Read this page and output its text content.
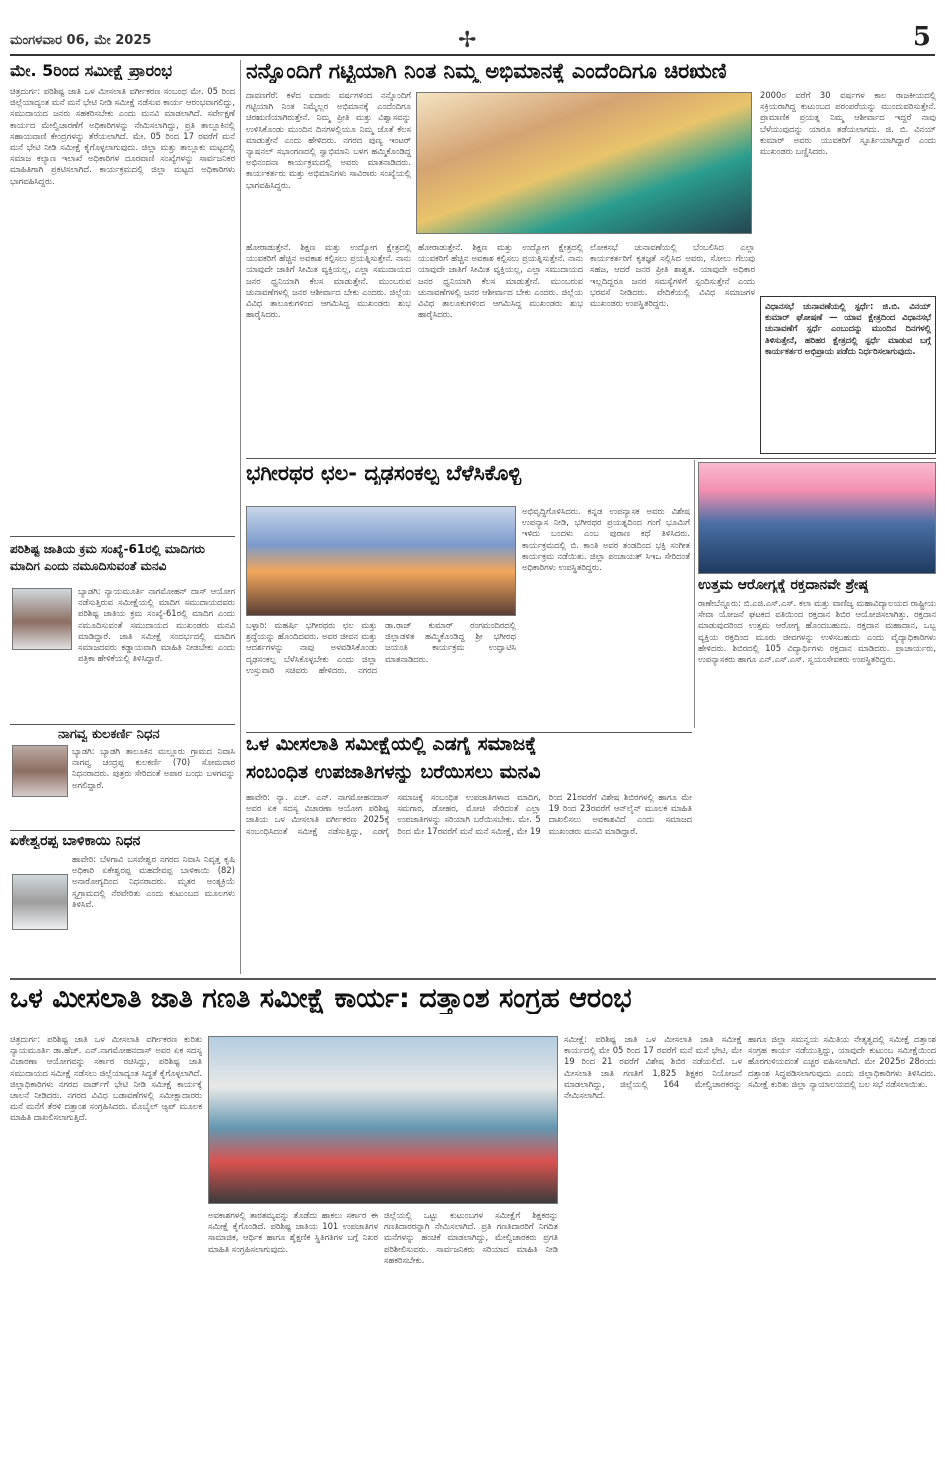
ಮಂಗಳವಾರ 06, ಮೇ 2025	✢	5
ಮೇ. 5ರಿಂದ ಸಮೀಕ್ಷೆ ಪ್ರಾರಂಭ
ಚಿತ್ರದುರ್ಗ: ಪರಿಶಿಷ್ಟ ಜಾತಿ ಒಳ ಮೀಸಲಾತಿ ವರ್ಗೀಕರಣ ಸಂಬಂಧ ಮೇ. 05 ರಿಂದ ಜಿಲ್ಲೆಯಾದ್ಯಂತ ಮನೆ ಮನೆ ಭೇಟಿ ನೀಡಿ ಸಮೀಕ್ಷೆ ನಡೆಸುವ ಕಾರ್ಯ ಆರಂಭವಾಗಲಿದ್ದು, ಸಮುದಾಯದ ಜನರು ಸಹಕರಿಸಬೇಕು ಎಂದು ಮನವಿ ಮಾಡಲಾಗಿದೆ. ಸರ್ವೇಕ್ಷಣೆ ಕಾರ್ಯದ ಮೇಲ್ವಿಚಾರಣೆಗೆ ಅಧಿಕಾರಿಗಳನ್ನು ನೇಮಿಸಲಾಗಿದ್ದು, ಪ್ರತಿ ತಾಲ್ಲೂಕಿನಲ್ಲಿ ಸಹಾಯವಾಣಿ ಕೇಂದ್ರಗಳನ್ನು ತೆರೆಯಲಾಗಿದೆ. ಮೇ. 05 ರಿಂದ 17 ರವರೆಗೆ ಮನೆ ಮನೆ ಭೇಟಿ ನೀಡಿ ಸಮೀಕ್ಷೆ ಕೈಗೊಳ್ಳಲಾಗುವುದು. ಜಿಲ್ಲಾ ಮತ್ತು ತಾಲ್ಲೂಕು ಮಟ್ಟದಲ್ಲಿ ಸಮಾಜ ಕಲ್ಯಾಣ ಇಲಾಖೆ ಅಧಿಕಾರಿಗಳ ದೂರವಾಣಿ ಸಂಖ್ಯೆಗಳನ್ನು ಸಾರ್ವಜನಿಕರ ಮಾಹಿತಿಗಾಗಿ ಪ್ರಕಟಿಸಲಾಗಿದೆ. ಕಾರ್ಯಕ್ರಮದಲ್ಲಿ ಜಿಲ್ಲಾ ಮಟ್ಟದ ಅಧಿಕಾರಿಗಳು ಭಾಗವಹಿಸಿದ್ದರು.
ಪರಿಶಿಷ್ಟ ಜಾತಿಯ ಕ್ರಮ ಸಂಖ್ಯೆ-61ರಲ್ಲಿ ಮಾದಿಗರು ಮಾದಿಗ ಎಂದು ನಮೂದಿಸುವಂತೆ ಮನವಿ
ಬ್ಯಾಡಗಿ: ನ್ಯಾಯಮೂರ್ತಿ ನಾಗಮೋಹನ್ ದಾಸ್ ಆಯೋಗ ನಡೆಸುತ್ತಿರುವ ಸಮೀಕ್ಷೆಯಲ್ಲಿ ಮಾದಿಗ ಸಮುದಾಯದವರು ಪರಿಶಿಷ್ಟ ಜಾತಿಯ ಕ್ರಮ ಸಂಖ್ಯೆ-61ರಲ್ಲಿ ಮಾದಿಗ ಎಂದು ನಮೂದಿಸುವಂತೆ ಸಮುದಾಯದ ಮುಖಂಡರು ಮನವಿ ಮಾಡಿದ್ದಾರೆ. ಜಾತಿ ಸಮೀಕ್ಷೆ ಸಂದರ್ಭದಲ್ಲಿ ಮಾದಿಗ ಸಮಾಜದವರು ಕಡ್ಡಾಯವಾಗಿ ಮಾಹಿತಿ ನೀಡಬೇಕು ಎಂದು ಪತ್ರಿಕಾ ಹೇಳಿಕೆಯಲ್ಲಿ ತಿಳಿಸಿದ್ದಾರೆ.
ನಾಗವ್ವ ಕುಲಕರ್ಣಿ ನಿಧನ
ಬ್ಯಾಡಗಿ: ಬ್ಯಾಡಗಿ ತಾಲೂಕಿನ ಮಲ್ಲೂರು ಗ್ರಾಮದ ನಿವಾಸಿ ನಾಗವ್ವ ಚಂದ್ರಪ್ಪ ಕುಲಕರ್ಣಿ (70) ಸೋಮವಾರ ನಿಧನರಾದರು. ಪುತ್ರರು ಸೇರಿದಂತೆ ಅಪಾರ ಬಂಧು ಬಳಗವನ್ನು ಅಗಲಿದ್ದಾರೆ.
ಏಕೇಶ್ವರಪ್ಪ ಬಾಳಿಕಾಯಿ ನಿಧನ
ಹಾವೇರಿ: ಬೆಳಗಾವಿ ಬಸವೇಶ್ವರ ನಗರದ ನಿವಾಸಿ ನಿವೃತ್ತ ಕೃಷಿ ಅಧಿಕಾರಿ ಏಕೇಶ್ವರಪ್ಪ ಮಹದೇವಪ್ಪ ಬಾಳಿಕಾಯಿ (82) ಅನಾರೋಗ್ಯದಿಂದ ನಿಧನರಾದರು. ಮೃತರ ಅಂತ್ಯಕ್ರಿಯೆ ಸ್ವಗ್ರಾಮದಲ್ಲಿ ನೆರವೇರಿತು ಎಂದು ಕುಟುಂಬದ ಮೂಲಗಳು ತಿಳಿಸಿವೆ.
ನನ್ನೊಂದಿಗೆ ಗಟ್ಟಿಯಾಗಿ ನಿಂತ ನಿಮ್ಮ ಅಭಿಮಾನಕ್ಕೆ ಎಂದೆಂದಿಗೂ ಚಿರಋಣಿ
ದಾವಣಗೆರೆ: ಕಳೆದ ಐದಾರು ವರ್ಷಗಳಿಂದ ನನ್ನೊಂದಿಗೆ ಗಟ್ಟಿಯಾಗಿ ನಿಂತ ನಿಮ್ಮೆಲ್ಲರ ಅಭಿಮಾನಕ್ಕೆ ಎಂದೆಂದಿಗೂ ಚಿರಋಣಿಯಾಗಿರುತ್ತೇನೆ. ನಿಮ್ಮ ಪ್ರೀತಿ ಮತ್ತು ವಿಶ್ವಾಸವನ್ನು ಉಳಿಸಿಕೊಂಡು ಮುಂದಿನ ದಿನಗಳಲ್ಲಿಯೂ ನಿಮ್ಮ ಜೊತೆ ಕೆಲಸ ಮಾಡುತ್ತೇನೆ ಎಂದು ಹೇಳಿದರು. ನಗರದ ಪುಣ್ಯ ಇಂಟರ್ ನ್ಯಾಷನಲ್ ಸಭಾಂಗಣದಲ್ಲಿ ಸ್ವಾಭಿಮಾನಿ ಬಳಗ ಹಮ್ಮಿಕೊಂಡಿದ್ದ ಅಭಿನಂದನಾ ಕಾರ್ಯಕ್ರಮದಲ್ಲಿ ಅವರು ಮಾತನಾಡಿದರು. ಕಾರ್ಯಕರ್ತರು ಮತ್ತು ಅಭಿಮಾನಿಗಳು ಸಾವಿರಾರು ಸಂಖ್ಯೆಯಲ್ಲಿ ಭಾಗವಹಿಸಿದ್ದರು.
ಹೋರಾಡುತ್ತೇನೆ. ಶಿಕ್ಷಣ ಮತ್ತು ಉದ್ಯೋಗ ಕ್ಷೇತ್ರದಲ್ಲಿ ಯುವಕರಿಗೆ ಹೆಚ್ಚಿನ ಅವಕಾಶ ಕಲ್ಪಿಸಲು ಪ್ರಯತ್ನಿಸುತ್ತೇನೆ. ನಾನು ಯಾವುದೇ ಜಾತಿಗೆ ಸೀಮಿತ ವ್ಯಕ್ತಿಯಲ್ಲ, ಎಲ್ಲಾ ಸಮುದಾಯದ ಜನರ ಧ್ವನಿಯಾಗಿ ಕೆಲಸ ಮಾಡುತ್ತೇನೆ. ಮುಂಬರುವ ಚುನಾವಣೆಗಳಲ್ಲಿ ಜನರ ಆಶೀರ್ವಾದ ಬೇಕು ಎಂದರು. ಜಿಲ್ಲೆಯ ವಿವಿಧ ತಾಲೂಕುಗಳಿಂದ ಆಗಮಿಸಿದ್ದ ಮುಖಂಡರು ಶುಭ ಹಾರೈಸಿದರು.
ಹೋರಾಡುತ್ತೇನೆ. ಶಿಕ್ಷಣ ಮತ್ತು ಉದ್ಯೋಗ ಕ್ಷೇತ್ರದಲ್ಲಿ ಯುವಕರಿಗೆ ಹೆಚ್ಚಿನ ಅವಕಾಶ ಕಲ್ಪಿಸಲು ಪ್ರಯತ್ನಿಸುತ್ತೇನೆ. ನಾನು ಯಾವುದೇ ಜಾತಿಗೆ ಸೀಮಿತ ವ್ಯಕ್ತಿಯಲ್ಲ, ಎಲ್ಲಾ ಸಮುದಾಯದ ಜನರ ಧ್ವನಿಯಾಗಿ ಕೆಲಸ ಮಾಡುತ್ತೇನೆ. ಮುಂಬರುವ ಚುನಾವಣೆಗಳಲ್ಲಿ ಜನರ ಆಶೀರ್ವಾದ ಬೇಕು ಎಂದರು. ಜಿಲ್ಲೆಯ ವಿವಿಧ ತಾಲೂಕುಗಳಿಂದ ಆಗಮಿಸಿದ್ದ ಮುಖಂಡರು ಶುಭ ಹಾರೈಸಿದರು.
ಲೋಕಸಭೆ ಚುನಾವಣೆಯಲ್ಲಿ ಬೆಂಬಲಿಸಿದ ಎಲ್ಲಾ ಕಾರ್ಯಕರ್ತರಿಗೆ ಕೃತಜ್ಞತೆ ಸಲ್ಲಿಸಿದ ಅವರು, ಸೋಲು ಗೆಲುವು ಸಹಜ, ಆದರೆ ಜನರ ಪ್ರೀತಿ ಶಾಶ್ವತ. ಯಾವುದೇ ಅಧಿಕಾರ ಇಲ್ಲದಿದ್ದರೂ ಜನರ ಸಮಸ್ಯೆಗಳಿಗೆ ಸ್ಪಂದಿಸುತ್ತೇನೆ ಎಂದು ಭರವಸೆ ನೀಡಿದರು. ವೇದಿಕೆಯಲ್ಲಿ ವಿವಿಧ ಸಮಾಜಗಳ ಮುಖಂಡರು ಉಪಸ್ಥಿತರಿದ್ದರು.
2000ರ ವರೆಗೆ 30 ವರ್ಷಗಳ ಕಾಲ ರಾಜಕೀಯದಲ್ಲಿ ಸಕ್ರಿಯರಾಗಿದ್ದ ಕುಟುಂಬದ ಪರಂಪರೆಯನ್ನು ಮುಂದುವರಿಸುತ್ತೇನೆ. ಪ್ರಾಮಾಣಿಕ ಪ್ರಯತ್ನ ನಿಮ್ಮ ಆಶೀರ್ವಾದ ಇದ್ದರೆ ನಾವು ಬೆಳೆಯುವುದನ್ನು ಯಾರೂ ತಡೆಯಲಾಗದು. ಜಿ. ಬಿ. ವಿನಯ್ ಕುಮಾರ್ ಅವರು ಯುವಕರಿಗೆ ಸ್ಫೂರ್ತಿಯಾಗಿದ್ದಾರೆ ಎಂದು ಮುಖಂಡರು ಬಣ್ಣಿಸಿದರು.
ವಿಧಾನಸಭೆ ಚುನಾವಣೆಯಲ್ಲಿ ಸ್ಪರ್ಧೆ: ಜಿ.ಬಿ. ವಿನಯ್ ಕುಮಾರ್ ಘೋಷಣೆ — ಯಾವ ಕ್ಷೇತ್ರದಿಂದ ವಿಧಾನಸಭೆ ಚುನಾವಣೆಗೆ ಸ್ಪರ್ಧೆ ಎಂಬುದನ್ನು ಮುಂದಿನ ದಿನಗಳಲ್ಲಿ ತಿಳಿಸುತ್ತೇನೆ, ಹರಿಹರ ಕ್ಷೇತ್ರದಲ್ಲಿ ಸ್ಪರ್ಧೆ ಮಾಡುವ ಬಗ್ಗೆ ಕಾರ್ಯಕರ್ತರ ಅಭಿಪ್ರಾಯ ಪಡೆದು ನಿರ್ಧರಿಸಲಾಗುವುದು.
ಭಗೀರಥರ ಛಲ- ದೃಢಸಂಕಲ್ಪ ಬೆಳೆಸಿಕೊಳ್ಳಿ
ಬಳ್ಳಾರಿ: ಮಹರ್ಷಿ ಭಗೀರಥರು ಛಲ ಮತ್ತು ಶ್ರದ್ಧೆಯನ್ನು ಹೊಂದಿದವರು. ಅವರ ಜೀವನ ಮತ್ತು ಆದರ್ಶಗಳನ್ನು ನಾವು ಅಳವಡಿಸಿಕೊಂಡು ದೃಢಸಂಕಲ್ಪ ಬೆಳೆಸಿಕೊಳ್ಳಬೇಕು ಎಂದು ಜಿಲ್ಲಾ ಉಸ್ತುವಾರಿ ಸಚಿವರು ಹೇಳಿದರು. ನಗರದ ಡಾ.ರಾಜ್ ಕುಮಾರ್ ರಂಗಮಂದಿರದಲ್ಲಿ ಜಿಲ್ಲಾಡಳಿತ ಹಮ್ಮಿಕೊಂಡಿದ್ದ ಶ್ರೀ ಭಗೀರಥ ಜಯಂತಿ ಕಾರ್ಯಕ್ರಮ ಉದ್ಘಾಟಿಸಿ ಮಾತನಾಡಿದರು.
ಅಭಿವೃದ್ಧಿಗೊಳಿಸಿದರು. ಕನ್ನಡ ಉಪನ್ಯಾಸಕ ಅವರು ವಿಶೇಷ ಉಪನ್ಯಾಸ ನೀಡಿ, ಭಗೀರಥರ ಪ್ರಯತ್ನದಿಂದ ಗಂಗೆ ಭೂಮಿಗೆ ಇಳಿದು ಬಂದಳು ಎಂಬ ಪುರಾಣ ಕಥೆ ತಿಳಿಸಿದರು. ಕಾರ್ಯಕ್ರಮದಲ್ಲಿ ಬಿ. ಕಾಂತಿ ಅವರ ತಂಡದಿಂದ ಭಕ್ತಿ ಸಂಗೀತ ಕಾರ್ಯಕ್ರಮ ನಡೆಯಿತು. ಜಿಲ್ಲಾ ಪಂಚಾಯತ್ ಸಿಇಒ ಸೇರಿದಂತೆ ಅಧಿಕಾರಿಗಳು ಉಪಸ್ಥಿತರಿದ್ದರು.
ಉತ್ತಮ ಆರೋಗ್ಯಕ್ಕೆ ರಕ್ತದಾನವೇ ಶ್ರೇಷ್ಠ
ರಾಣೇಬೆನ್ನೂರು: ಬಿ.ಎಜಿ.ಎಸ್.ಎಸ್. ಕಲಾ ಮತ್ತು ವಾಣಿಜ್ಯ ಮಹಾವಿದ್ಯಾಲಯದ ರಾಷ್ಟ್ರೀಯ ಸೇವಾ ಯೋಜನೆ ಘಟಕದ ವತಿಯಿಂದ ರಕ್ತದಾನ ಶಿಬಿರ ಆಯೋಜಿಸಲಾಗಿತ್ತು. ರಕ್ತದಾನ ಮಾಡುವುದರಿಂದ ಉತ್ತಮ ಆರೋಗ್ಯ ಹೊಂದಬಹುದು. ರಕ್ತದಾನ ಮಹಾದಾನ, ಒಬ್ಬ ವ್ಯಕ್ತಿಯ ರಕ್ತದಿಂದ ಮೂರು ಜೀವಗಳನ್ನು ಉಳಿಸಬಹುದು ಎಂದು ವೈದ್ಯಾಧಿಕಾರಿಗಳು ಹೇಳಿದರು. ಶಿಬಿರದಲ್ಲಿ 105 ವಿದ್ಯಾರ್ಥಿಗಳು ರಕ್ತದಾನ ಮಾಡಿದರು. ಪ್ರಾಚಾರ್ಯರು, ಉಪನ್ಯಾಸಕರು ಹಾಗೂ ಎನ್.ಎಸ್.ಎಸ್. ಸ್ವಯಂಸೇವಕರು ಉಪಸ್ಥಿತರಿದ್ದರು.
ಒಳ ಮೀಸಲಾತಿ ಸಮೀಕ್ಷೆಯಲ್ಲಿ ಎಡಗೈ ಸಮಾಜಕ್ಕೆ
ಸಂಬಂಧಿತ ಉಪಜಾತಿಗಳನ್ನು ಬರೆಯಿಸಲು ಮನವಿ
ಹಾವೇರಿ: ನ್ಯಾ. ಎಚ್. ಎನ್. ನಾಗಮೋಹನದಾಸ್ ಅವರ ಏಕ ಸದಸ್ಯ ವಿಚಾರಣಾ ಆಯೋಗ ಪರಿಶಿಷ್ಟ ಜಾತಿಯ ಒಳ ಮೀಸಲಾತಿ ವರ್ಗೀಕರಣ 2025ಕ್ಕೆ ಸಂಬಂಧಿಸಿದಂತೆ ಸಮೀಕ್ಷೆ ನಡೆಸುತ್ತಿದ್ದು, ಎಡಗೈ ಸಮಾಜಕ್ಕೆ ಸಂಬಂಧಿತ ಉಪಜಾತಿಗಳಾದ ಮಾದಿಗ, ಸಮಗಾರ, ಡೋಹರ, ಮೋಚಿ ಸೇರಿದಂತೆ ಎಲ್ಲಾ ಉಪಜಾತಿಗಳನ್ನು ಸರಿಯಾಗಿ ಬರೆಯಿಸಬೇಕು. ಮೇ. 5 ರಿಂದ ಮೇ 17ರವರೆಗೆ ಮನೆ ಮನೆ ಸಮೀಕ್ಷೆ, ಮೇ 19 ರಿಂದ 21ರವರೆಗೆ ವಿಶೇಷ ಶಿಬಿರಗಳಲ್ಲಿ ಹಾಗೂ ಮೇ 19 ರಿಂದ 23ರವರೆಗೆ ಆನ್‌ಲೈನ್ ಮೂಲಕ ಮಾಹಿತಿ ದಾಖಲಿಸಲು ಅವಕಾಶವಿದೆ ಎಂದು ಸಮಾಜದ ಮುಖಂಡರು ಮನವಿ ಮಾಡಿದ್ದಾರೆ.
ಒಳ ಮೀಸಲಾತಿ ಜಾತಿ ಗಣತಿ ಸಮೀಕ್ಷೆ ಕಾರ್ಯ: ದತ್ತಾಂಶ ಸಂಗ್ರಹ ಆರಂಭ
ಚಿತ್ರದುರ್ಗ: ಪರಿಶಿಷ್ಟ ಜಾತಿ ಒಳ ಮೀಸಲಾತಿ ವರ್ಗೀಕರಣ ಕುರಿತು ನ್ಯಾಯಮೂರ್ತಿ ಡಾ.ಹೆಚ್. ಎನ್.ನಾಗಮೋಹನದಾಸ್ ಅವರ ಏಕ ಸದಸ್ಯ ವಿಚಾರಣಾ ಆಯೋಗವನ್ನು ಸರ್ಕಾರ ರಚಿಸಿದ್ದು, ಪರಿಶಿಷ್ಟ ಜಾತಿ ಸಮುದಾಯದ ಸಮೀಕ್ಷೆ ನಡೆಸಲು ಜಿಲ್ಲೆಯಾದ್ಯಂತ ಸಿದ್ಧತೆ ಕೈಗೊಳ್ಳಲಾಗಿದೆ. ಜಿಲ್ಲಾಧಿಕಾರಿಗಳು ನಗರದ ವಾರ್ಡ್‌ಗೆ ಭೇಟಿ ನೀಡಿ ಸಮೀಕ್ಷೆ ಕಾರ್ಯಕ್ಕೆ ಚಾಲನೆ ನೀಡಿದರು. ನಗರದ ವಿವಿಧ ಬಡಾವಣೆಗಳಲ್ಲಿ ಸಮೀಕ್ಷಾದಾರರು ಮನೆ ಮನೆಗೆ ತೆರಳಿ ದತ್ತಾಂಶ ಸಂಗ್ರಹಿಸಿದರು. ಮೊಬೈಲ್ ಆ್ಯಪ್ ಮೂಲಕ ಮಾಹಿತಿ ದಾಖಲಿಸಲಾಗುತ್ತಿದೆ.
ಅವಕಾಶಗಳಲ್ಲಿ ತಾರತಮ್ಯವನ್ನು ತೊಡೆದು ಹಾಕಲು ಸರ್ಕಾರ ಈ ಸಮೀಕ್ಷೆ ಕೈಗೊಂಡಿದೆ. ಪರಿಶಿಷ್ಟ ಜಾತಿಯ 101 ಉಪಜಾತಿಗಳ ಸಾಮಾಜಿಕ, ಆರ್ಥಿಕ ಹಾಗೂ ಶೈಕ್ಷಣಿಕ ಸ್ಥಿತಿಗತಿಗಳ ಬಗ್ಗೆ ನಿಖರ ಮಾಹಿತಿ ಸಂಗ್ರಹಿಸಲಾಗುವುದು.
ಜಿಲ್ಲೆಯಲ್ಲಿ ಒಟ್ಟು ಕುಟುಂಬಗಳ ಸಮೀಕ್ಷೆಗೆ ಶಿಕ್ಷಕರನ್ನು ಗಣತಿದಾರರನ್ನಾಗಿ ನೇಮಿಸಲಾಗಿದೆ. ಪ್ರತಿ ಗಣತಿದಾರರಿಗೆ ನಿಗದಿತ ಮನೆಗಳನ್ನು ಹಂಚಿಕೆ ಮಾಡಲಾಗಿದ್ದು, ಮೇಲ್ವಿಚಾರಕರು ಪ್ರಗತಿ ಪರಿಶೀಲಿಸುವರು. ಸಾರ್ವಜನಿಕರು ಸರಿಯಾದ ಮಾಹಿತಿ ನೀಡಿ ಸಹಕರಿಸಬೇಕು.
ಸಮೀಕ್ಷೆ: ಪರಿಶಿಷ್ಟ ಜಾತಿ ಒಳ ಮೀಸಲಾತಿ ಜಾತಿ ಸಮೀಕ್ಷೆ ಕಾರ್ಯದಲ್ಲಿ ಮೇ 05 ರಿಂದ 17 ರವರೆಗೆ ಮನೆ ಮನೆ ಭೇಟಿ, ಮೇ 19 ರಿಂದ 21 ರವರೆಗೆ ವಿಶೇಷ ಶಿಬಿರ ನಡೆಯಲಿದೆ. ಒಳ ಮೀಸಲಾತಿ ಜಾತಿ ಗಣತಿಗೆ 1,825 ಶಿಕ್ಷಕರ ನಿಯೋಜನೆ ಮಾಡಲಾಗಿದ್ದು, ಜಿಲ್ಲೆಯಲ್ಲಿ 164 ಮೇಲ್ವಿಚಾರಕರನ್ನು ನೇಮಿಸಲಾಗಿದೆ.
ಹಾಗೂ ಜಿಲ್ಲಾ ಸಮನ್ವಯ ಸಮಿತಿಯ ನೇತೃತ್ವದಲ್ಲಿ ಸಮೀಕ್ಷೆ ದತ್ತಾಂಶ ಸಂಗ್ರಹ ಕಾರ್ಯ ನಡೆಯುತ್ತಿದ್ದು, ಯಾವುದೇ ಕುಟುಂಬ ಸಮೀಕ್ಷೆಯಿಂದ ಹೊರಗುಳಿಯದಂತೆ ಎಚ್ಚರ ವಹಿಸಲಾಗಿದೆ. ಮೇ 2025ರ 28ರಂದು ದತ್ತಾಂಶ ಸಿದ್ಧಪಡಿಸಲಾಗುವುದು ಎಂದು ಜಿಲ್ಲಾಧಿಕಾರಿಗಳು ತಿಳಿಸಿದರು. ಸಮೀಕ್ಷೆ ಕುರಿತು ಜಿಲ್ಲಾ ನ್ಯಾಯಾಲಯದಲ್ಲಿ ಬಲ ಸಭೆ ನಡೆಸಲಾಯಿತು.
